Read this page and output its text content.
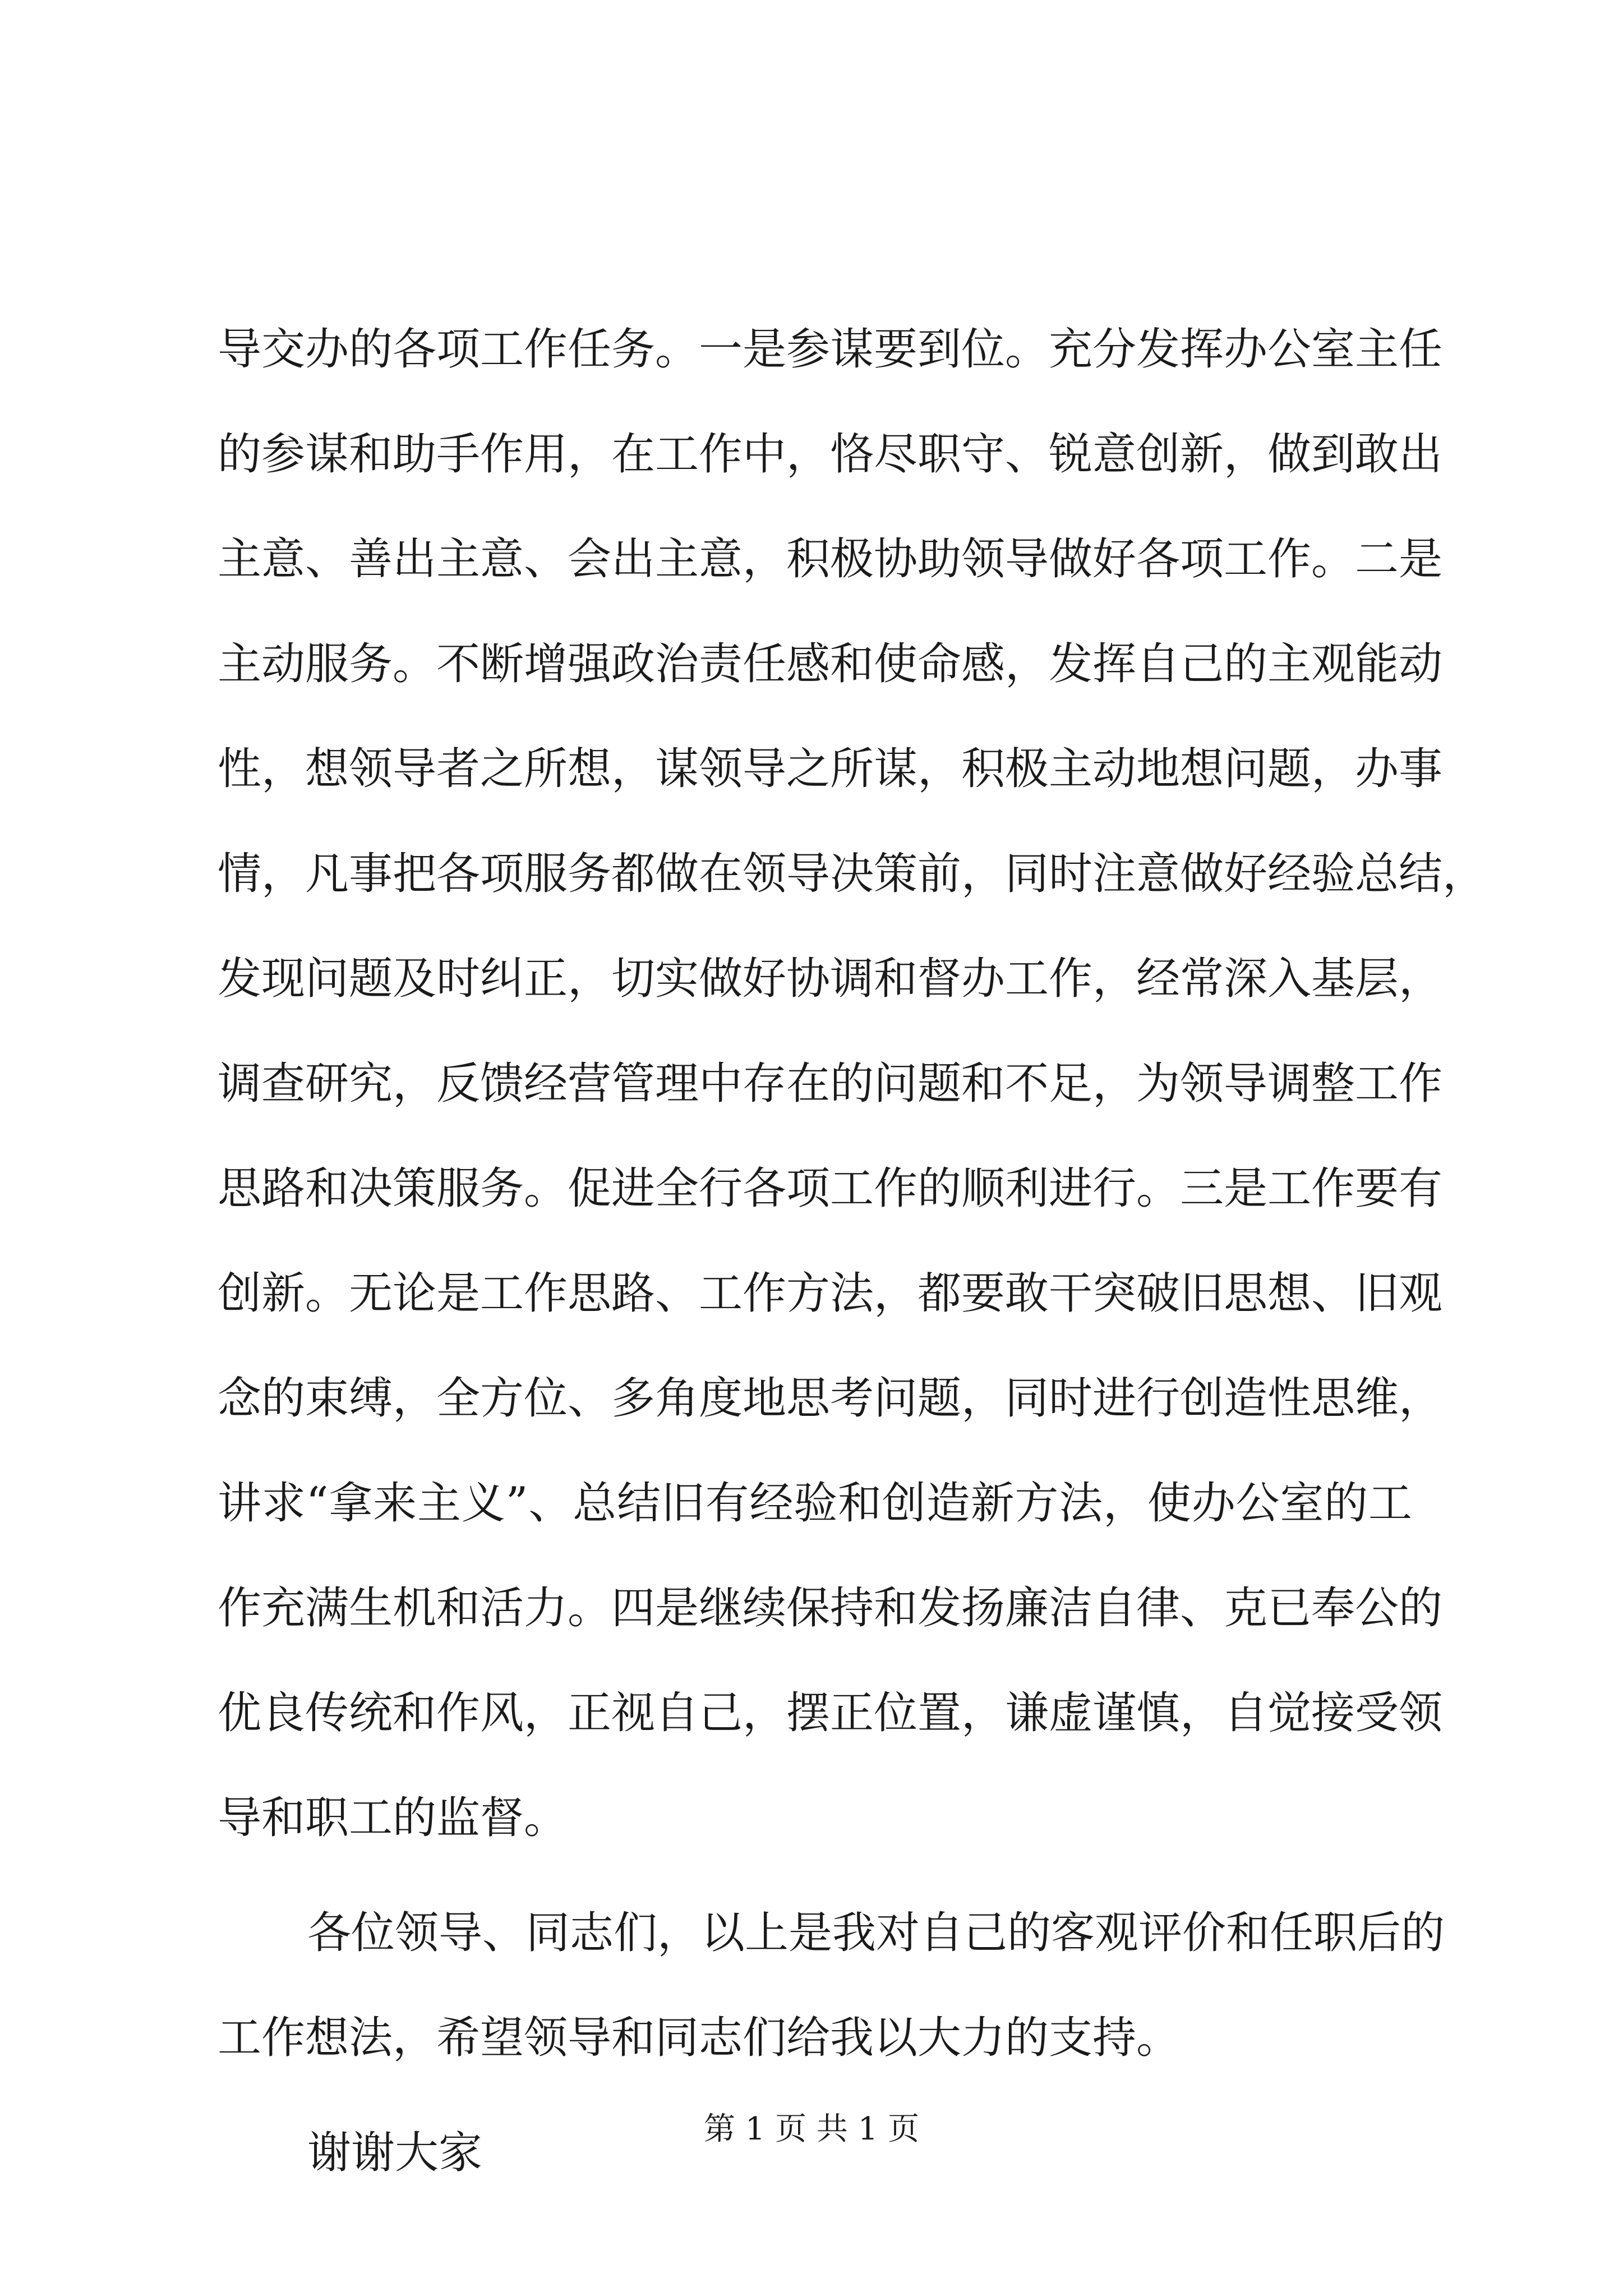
导交办的各项工作任务。一是参谋要到位。充分发挥办公室主任
的参谋和助手作用，在工作中，恪尽职守、锐意创新，做到敢出
主意、善出主意、会出主意，积极协助领导做好各项工作。二是
主动服务。不断增强政治责任感和使命感，发挥自己的主观能动
性，想领导者之所想，谋领导之所谋，积极主动地想问题，办事
情，凡事把各项服务都做在领导决策前，同时注意做好经验总结，
发现问题及时纠正，切实做好协调和督办工作，经常深入基层，
调查研究，反馈经营管理中存在的问题和不足，为领导调整工作
思路和决策服务。促进全行各项工作的顺利进行。三是工作要有
创新。无论是工作思路、工作方法，都要敢干突破旧思想、旧观
念的束缚，全方位、多角度地思考问题，同时进行创造性思维，
讲求“拿来主义”、总结旧有经验和创造新方法，使办公室的工
作充满生机和活力。四是继续保持和发扬廉洁自律、克已奉公的
优良传统和作风，正视自己，摆正位置，谦虚谨慎，自觉接受领
导和职工的监督。
各位领导、同志们，以上是我对自己的客观评价和任职后的
工作想法，希望领导和同志们给我以大力的支持。
谢谢大家	第 1 页 共 1 页
